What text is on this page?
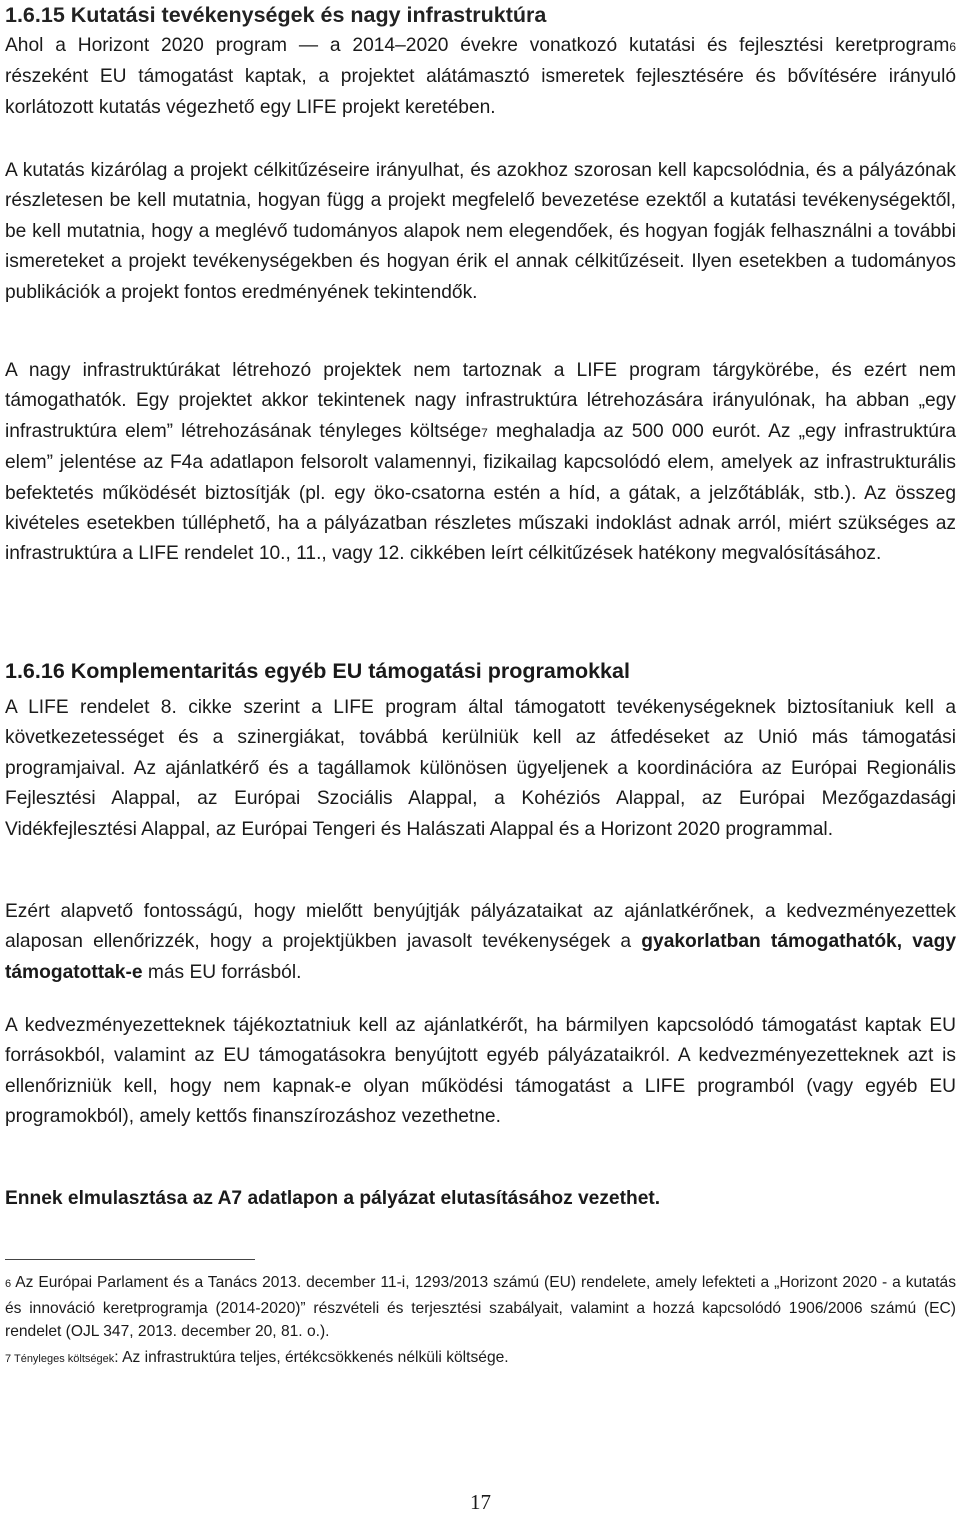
1.6.15 Kutatási tevékenységek és nagy infrastruktúra

Ahol a Horizont 2020 program — a 2014–2020 évekre vonatkozó kutatási és fejlesztési keretprogram6 részeként EU támogatást kaptak, a projektet alátámasztó ismeretek fejlesztésére és bővítésére irányuló korlátozott kutatás végezhető egy LIFE projekt keretében.

A kutatás kizárólag a projekt célkitűzéseire irányulhat, és azokhoz szorosan kell kapcsolódnia, és a pályázónak részletesen be kell mutatnia, hogyan függ a projekt megfelelő bevezetése ezektől a kutatási tevékenységektől, be kell mutatnia, hogy a meglévő tudományos alapok nem elegendőek, és hogyan fogják felhasználni a további ismereteket a projekt tevékenységekben és hogyan érik el annak célkitűzéseit. Ilyen esetekben a tudományos publikációk a projekt fontos eredményének tekintendők.

A nagy infrastruktúrákat létrehozó projektek nem tartoznak a LIFE program tárgykörébe, és ezért nem támogathatók. Egy projektet akkor tekintenek nagy infrastruktúra létrehozására irányulónak, ha abban „egy infrastruktúra elem” létrehozásának tényleges költsége7 meghaladja az 500 000 eurót. Az „egy infrastruktúra elem” jelentése az F4a adatlapon felsorolt valamennyi, fizikailag kapcsolódó elem, amelyek az infrastrukturális befektetés működését biztosítják (pl. egy öko-csatorna estén a híd, a gátak, a jelzőtáblák, stb.). Az összeg kivételes esetekben túlléphető, ha a pályázatban részletes műszaki indoklást adnak arról, miért szükséges az infrastruktúra a LIFE rendelet 10., 11., vagy 12. cikkében leírt célkitűzések hatékony megvalósításához.

1.6.16 Komplementaritás egyéb EU támogatási programokkal

A LIFE rendelet 8. cikke szerint a LIFE program által támogatott tevékenységeknek biztosítaniuk kell a következetességet és a szinergiákat, továbbá kerülniük kell az átfedéseket az Unió más támogatási programjaival. Az ajánlatkérő és a tagállamok különösen ügyeljenek a koordinációra az Európai Regionális Fejlesztési Alappal, az Európai Szociális Alappal, a Kohéziós Alappal, az Európai Mezőgazdasági Vidékfejlesztési Alappal, az Európai Tengeri és Halászati Alappal és a Horizont 2020 programmal.

Ezért alapvető fontosságú, hogy mielőtt benyújtják pályázataikat az ajánlatkérőnek, a kedvezményezettek alaposan ellenőrizzék, hogy a projektjükben javasolt tevékenységek a gyakorlatban támogathatók, vagy támogatottak-e más EU forrásból.

A kedvezményezetteknek tájékoztatniuk kell az ajánlatkérőt, ha bármilyen kapcsolódó támogatást kaptak EU forrásokból, valamint az EU támogatásokra benyújtott egyéb pályázataikról. A kedvezményezetteknek azt is ellenőrizniük kell, hogy nem kapnak-e olyan működési támogatást a LIFE programból (vagy egyéb EU programokból), amely kettős finanszírozáshoz vezethetne.

Ennek elmulasztása az A7 adatlapon a pályázat elutasításához vezethet.

6 Az Európai Parlament és a Tanács 2013. december 11-i, 1293/2013 számú (EU) rendelete, amely lefekteti a „Horizont 2020 - a kutatás és innováció keretprogramja (2014-2020)” részvételi és terjesztési szabályait, valamint a hozzá kapcsolódó 1906/2006 számú (EC) rendelet (OJL 347, 2013. december 20, 81. o.).

7 Tényleges költségek: Az infrastruktúra teljes, értékcsökkenés nélküli költsége.

17
